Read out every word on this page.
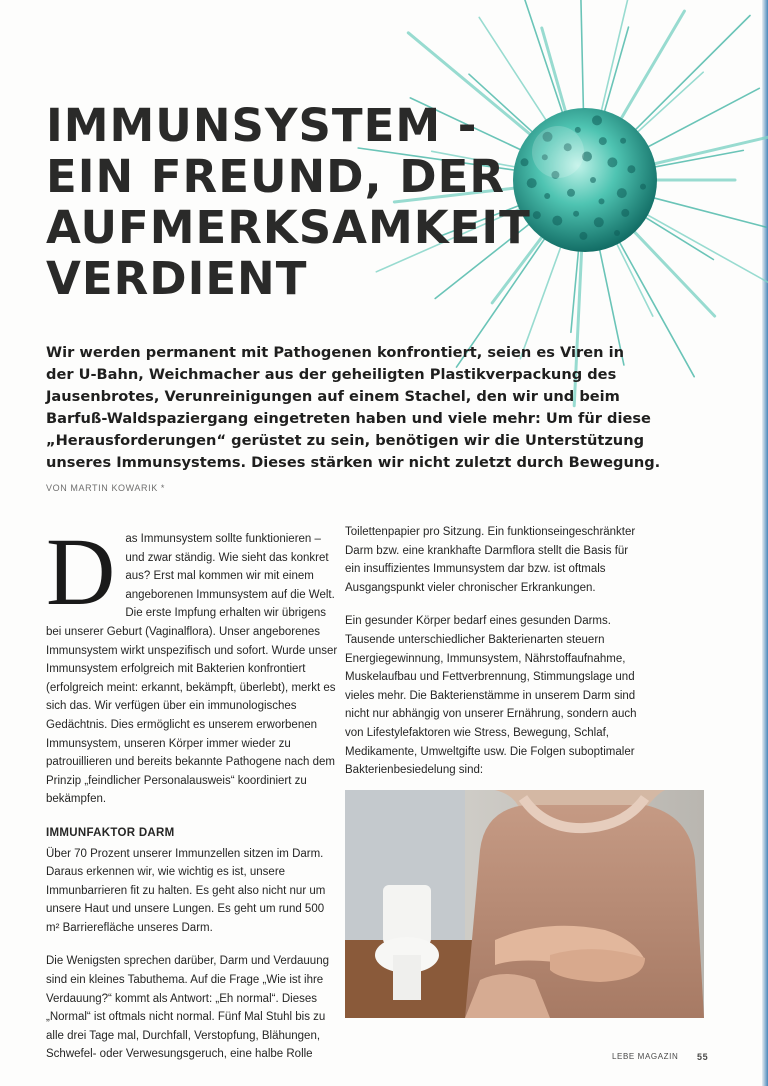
IMMUNSYSTEM -
EIN FREUND, DER
AUFMERKSAMKEIT
VERDIENT

Wir werden permanent mit Pathogenen konfrontiert, seien es Viren in
der U-Bahn, Weichmacher aus der geheiligten Plastikverpackung des
Jausenbrotes, Verunreinigungen auf einem Stachel, den wir und beim
Barfuß-Waldspaziergang eingetreten haben und viele mehr: Um für diese
„Herausforderungen“ gerüstet zu sein, benötigen wir die Unterstützung
unseres Immunsystems. Dieses stärken wir nicht zuletzt durch Bewegung.

VON MARTIN KOWARIK *

Das Immunsystem sollte funktionieren – und zwar ständig. Wie sieht das konkret aus? Erst mal kommen wir mit einem angeborenen Immunsystem auf die Welt. Die erste Impfung erhalten wir übrigens bei unserer Geburt (Vaginalflora). Unser angeborenes Immunsystem wirkt unspezifisch und sofort. Wurde unser Immunsystem erfolgreich mit Bakterien konfrontiert (erfolgreich meint: erkannt, bekämpft, überlebt), merkt es sich das. Wir verfügen über ein immunologisches Gedächtnis. Dies ermöglicht es unserem erworbenen Immunsystem, unseren Körper immer wieder zu patrouillieren und bereits bekannte Pathogene nach dem Prinzip „feindlicher Personalausweis“ koordiniert zu bekämpfen.

IMMUNFAKTOR DARM

Über 70 Prozent unserer Immunzellen sitzen im Darm. Daraus erkennen wir, wie wichtig es ist, unsere Immunbarrieren fit zu halten. Es geht also nicht nur um unsere Haut und unsere Lungen. Es geht um rund 500 m² Barrierefläche unseres Darm.

Die Wenigsten sprechen darüber, Darm und Verdauung sind ein kleines Tabuthema. Auf die Frage „Wie ist ihre Verdauung?“ kommt als Antwort: „Eh normal“. Dieses „Normal“ ist oftmals nicht normal. Fünf Mal Stuhl bis zu alle drei Tage mal, Durchfall, Verstopfung, Blähungen, Schwefel- oder Verwesungsgeruch, eine halbe Rolle

Toilettenpapier pro Sitzung. Ein funktionseingeschränkter Darm bzw. eine krankhafte Darmflora stellt die Basis für ein insuffizientes Immunsystem dar bzw. ist oftmals Ausgangspunkt vieler chronischer Erkrankungen.

Ein gesunder Körper bedarf eines gesunden Darms. Tausende unterschiedlicher Bakterienarten steuern Energiegewinnung, Immunsystem, Nährstoffaufnahme, Muskelaufbau und Fettverbrennung, Stimmungslage und vieles mehr. Die Bakterienstämme in unserem Darm sind nicht nur abhängig von unserer Ernährung, sondern auch von Lifestylefaktoren wie Stress, Bewegung, Schlaf, Medikamente, Umweltgifte usw. Die Folgen suboptimaler Bakterienbesiedelung sind:

LEBE MAGAZIN 55
